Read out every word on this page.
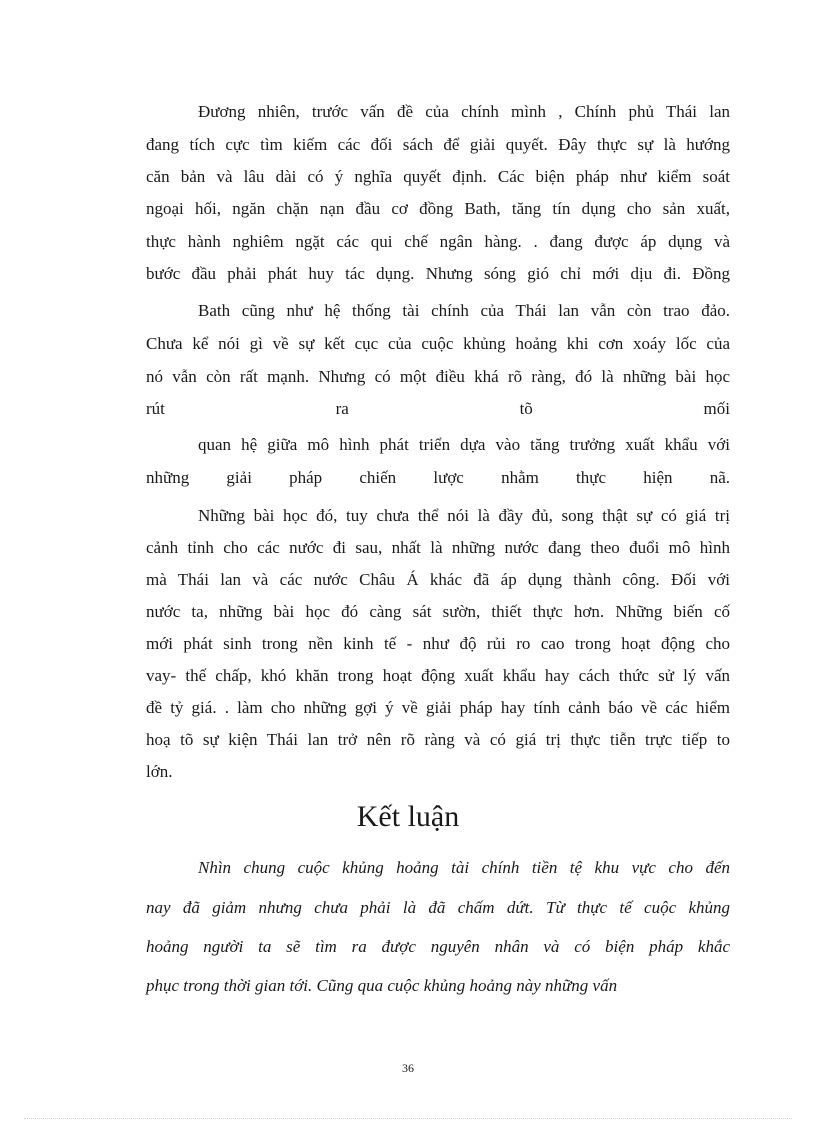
Đương nhiên, trước vấn đề của chính mình , Chính phủ Thái lan
đang tích cực tìm kiếm các đối sách để giải quyết. Đây thực sự là hướng
căn bản và lâu dài có ý nghĩa quyết định. Các biện pháp như kiểm soát
ngoại hối, ngăn chặn nạn đầu cơ đồng Bath, tăng tín dụng cho sản xuất,
thực hành nghiêm ngặt các qui chế ngân hàng. . đang được áp dụng và
bước đầu phải phát huy tác dụng. Nhưng sóng gió chỉ mới dịu đi. Đồng
Bath cũng như hệ thống tài chính của Thái lan vẫn còn trao đảo.
Chưa kể nói gì về sự kết cục của cuộc khủng hoảng khi cơn xoáy lốc của
nó vẫn còn rất mạnh. Nhưng có một điều khá rõ ràng, đó là những bài học
rút ra tõ mối
quan hệ giữa mô hình phát triển dựa vào tăng trưởng xuất khẩu với
những giải pháp chiến lược nhằm thực hiện nã.
Những bài học đó, tuy chưa thể nói là đầy đủ, song thật sự có giá trị
cảnh tỉnh cho các nước đi sau, nhất là những nước đang theo đuổi mô hình
mà Thái lan và các nước Châu Á khác đã áp dụng thành công. Đối với
nước ta, những bài học đó càng sát sườn, thiết thực hơn. Những biến cố
mới phát sinh trong nền kinh tế - như độ rủi ro cao trong hoạt động cho
vay- thế chấp, khó khăn trong hoạt động xuất khẩu hay cách thức sử lý vấn
đề tỷ giá. . làm cho những gợi ý về giải pháp hay tính cảnh báo về các hiểm
hoạ tõ sự kiện Thái lan trở nên rõ ràng và có giá trị thực tiễn trực tiếp to
lớn.
Kết luận
Nhìn chung cuộc khủng hoảng tài chính tiền tệ khu vực cho đến
nay đã giảm nhưng chưa phải là đã chấm dứt. Từ thực tế cuộc khủng
hoảng người ta sẽ tìm ra được nguyên nhân và có biện pháp khắc
phục trong thời gian tới. Cũng qua cuộc khủng hoảng này những vấn
36
